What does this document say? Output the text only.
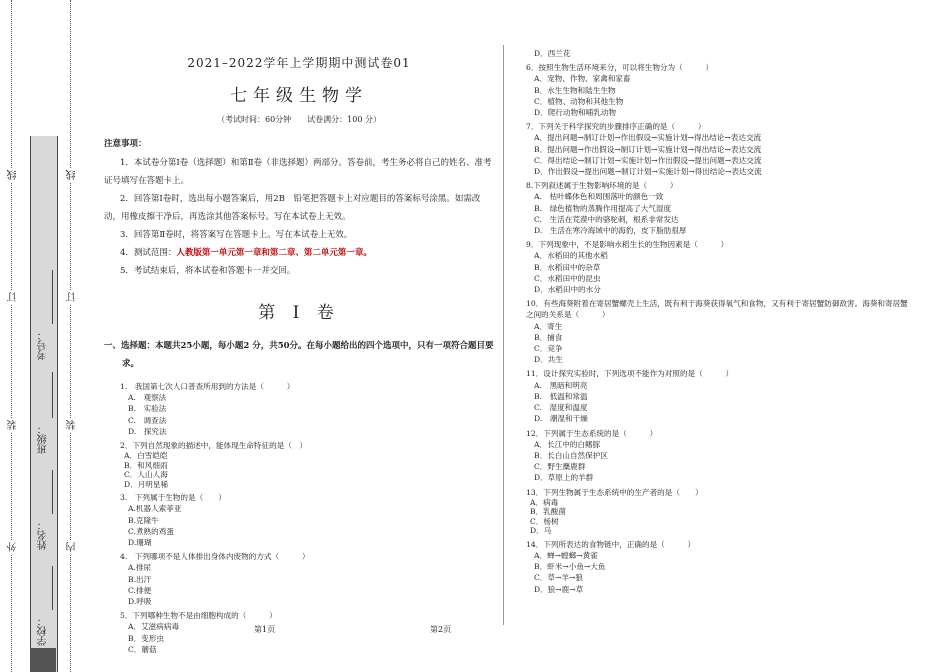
线
订
装
外
线
订
装
内
学校：
姓名：
班级：
考号：
2021–2022学年上学期期中测试卷01
七年级生物学
（考试时间：60分钟　　试卷满分：100 分）
注意事项：

1．本试卷分第Ⅰ卷（选择题）和第Ⅱ卷（非选择题）两部分。答卷前，考生务必将自己的姓名、准考证号填写在答题卡上。

2．回答第Ⅰ卷时，选出每小题答案后，用2B　铅笔把答题卡上对应题目的答案标号涂黑。如需改动，用橡皮擦干净后，再选涂其他答案标号。写在本试卷上无效。

3．回答第Ⅱ卷时，将答案写在答题卡上。写在本试卷上无效。

4．测试范围：人教版第一单元第一章和第二章、第二单元第一章。

5．考试结束后，将本试卷和答题卡一并交回。

第 Ⅰ 卷
一、选择题：本题共25小题，每小题2 分，共50分。在每小题给出的四个选项中，只有一项符合题目要
求。

1.　我国第七次人口普查所用到的方法是（　　　）

A.　观察法

B.　实验法

C.　调查法

D.　探究法

2．下列自然现象的描述中，能体现生命特征的是（　）

A．白雪皑皑

B．和风细雨

C．人山人海

D．月明星稀

3.　下列属于生物的是（　　）

A.机器人索菲亚

B.克隆牛

C.煮熟的鸡蛋

D.珊瑚

4.　下列哪项不是人体排出身体内废物的方式（　　　）

A.排尿

B.出汗

C.排便

D.呼吸

5．下列哪种生物不是由细胞构成的（　　　）

A．艾滋病病毒

B．变形虫

C．蘑菇

D．西兰花

6．按照生物生活环境来分，可以将生物分为（　　　）

A．宠物、作物、家禽和家畜

B．水生生物和陆生生物

C．植物、动物和其他生物

D．爬行动物和哺乳动物

7．下列关于科学探究的步骤排序正确的是（　　　）

A．提出问题→制订计划→作出假设→实施计划→得出结论→表达交流

B．提出问题→作出假设→制订计划→实施计划→得出结论→表达交流

C．得出结论→制订计划→实施计划→作出假设→提出问题→表达交流

D．作出假设→提出问题→制订计划→实施计划→得出结论→表达交流

8.下列叙述属于生物影响环境的是（　　　）

A.　枯叶蝶体色和周围落叶的颜色一致

B.　绿色植物的蒸腾作用提高了大气湿度

C.　生活在荒漠中的骆驼刺，根系非常发达

D.　生活在寒冷海域中的海豹，皮下脂肪很厚

9．下列现象中，不是影响水稻生长的生物因素是（　　　）

A．水稻田的其他水稻

B．水稻田中的杂草

C．水稻田中的昆虫

D．水稻田中的水分

10．有些海葵附着在寄居蟹螺壳上生活，既有利于海葵获得氧气和食物，又有利于寄居蟹防御敌害。海葵和寄居蟹之间的关系是（　　　）

A．寄生

B．捕食

C．竞争

D．共生

11．设计探究实验时，下列选项不能作为对照的是（　　　）

A.　黑暗和明亮

B.　低温和常温

C.　湿度和温度

D.　潮湿和干燥

12．下列属于生态系统的是（　　　）

A．长江中的白鳍豚

B．长白山自然保护区

C．野生麋鹿群

D．草原上的羊群

13．下列生物属于生态系统中的生产者的是（　　）

A．病毒

B．乳酸菌

C．杨树

D．马

14．下列所表达的食物链中，正确的是（　　　）

A．蝉→螳螂→黄雀

B．虾米→小鱼→大鱼

C．草→羊→狼

D．狼→鹿→草

第1页	第2页
